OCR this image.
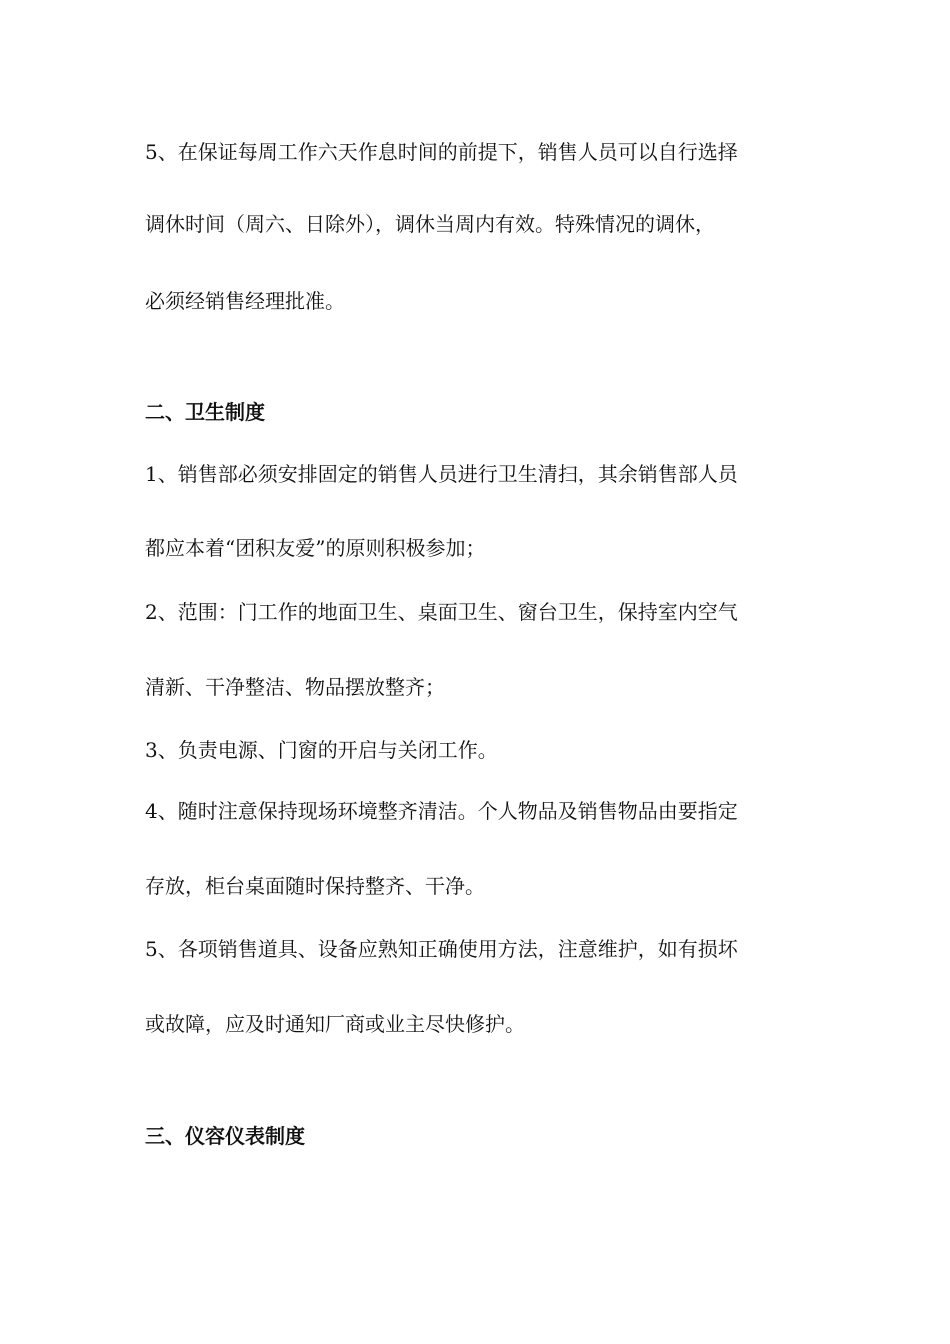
5、在保证每周工作六天作息时间的前提下，销售人员可以自行选择
调休时间（周六、日除外），调休当周内有效。特殊情况的调休，
必须经销售经理批准。
二、卫生制度
1、销售部必须安排固定的销售人员进行卫生清扫，其余销售部人员
都应本着“团积友爱”的原则积极参加；
2、范围：门工作的地面卫生、桌面卫生、窗台卫生，保持室内空气
清新、干净整洁、物品摆放整齐；
3、负责电源、门窗的开启与关闭工作。
4、随时注意保持现场环境整齐清洁。个人物品及销售物品由要指定
存放，柜台桌面随时保持整齐、干净。
5、各项销售道具、设备应熟知正确使用方法，注意维护，如有损坏
或故障，应及时通知厂商或业主尽快修护。
三、仪容仪表制度
